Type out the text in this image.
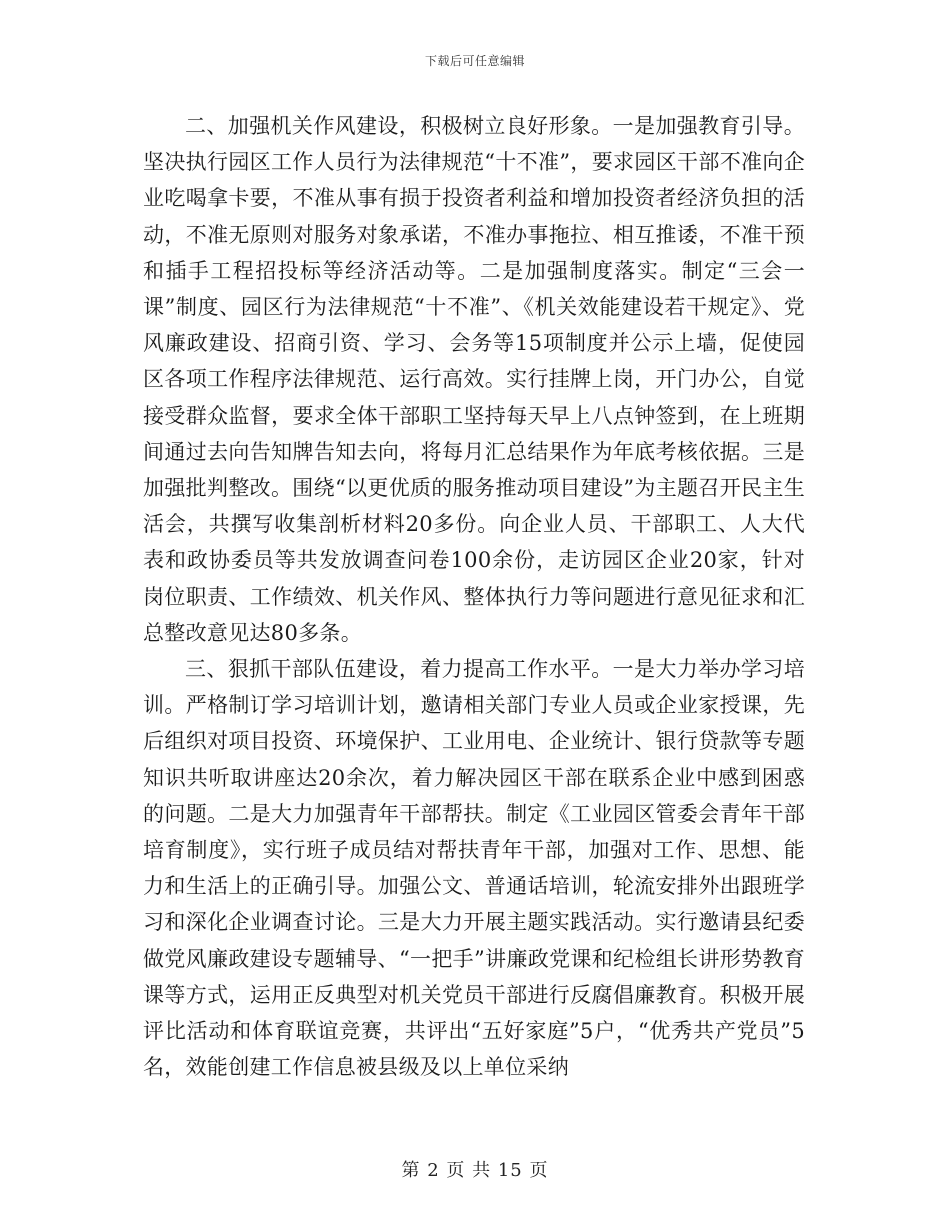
下载后可任意编辑

二、加强机关作风建设，积极树立良好形象。一是加强教育引导。坚决执行园区工作人员行为法律规范“十不准”，要求园区干部不准向企业吃喝拿卡要，不准从事有损于投资者利益和增加投资者经济负担的活动，不准无原则对服务对象承诺，不准办事拖拉、相互推诿，不准干预和插手工程招投标等经济活动等。二是加强制度落实。制定“三会一课”制度、园区行为法律规范“十不准”、《机关效能建设若干规定》、党风廉政建设、招商引资、学习、会务等15项制度并公示上墙，促使园区各项工作程序法律规范、运行高效。实行挂牌上岗，开门办公，自觉接受群众监督，要求全体干部职工坚持每天早上八点钟签到，在上班期间通过去向告知牌告知去向，将每月汇总结果作为年底考核依据。三是加强批判整改。围绕“以更优质的服务推动项目建设”为主题召开民主生活会，共撰写收集剖析材料20多份。向企业人员、干部职工、人大代表和政协委员等共发放调查问卷100余份，走访园区企业20家，针对岗位职责、工作绩效、机关作风、整体执行力等问题进行意见征求和汇总整改意见达80多条。

三、狠抓干部队伍建设，着力提高工作水平。一是大力举办学习培训。严格制订学习培训计划，邀请相关部门专业人员或企业家授课，先后组织对项目投资、环境保护、工业用电、企业统计、银行贷款等专题知识共听取讲座达20余次，着力解决园区干部在联系企业中感到困惑的问题。二是大力加强青年干部帮扶。制定《工业园区管委会青年干部培育制度》，实行班子成员结对帮扶青年干部，加强对工作、思想、能力和生活上的正确引导。加强公文、普通话培训，轮流安排外出跟班学习和深化企业调查讨论。三是大力开展主题实践活动。实行邀请县纪委做党风廉政建设专题辅导、“一把手”讲廉政党课和纪检组长讲形势教育课等方式，运用正反典型对机关党员干部进行反腐倡廉教育。积极开展评比活动和体育联谊竞赛，共评出“五好家庭”5户，“优秀共产党员”5名，效能创建工作信息被县级及以上单位采纳

第 2 页 共 15 页
